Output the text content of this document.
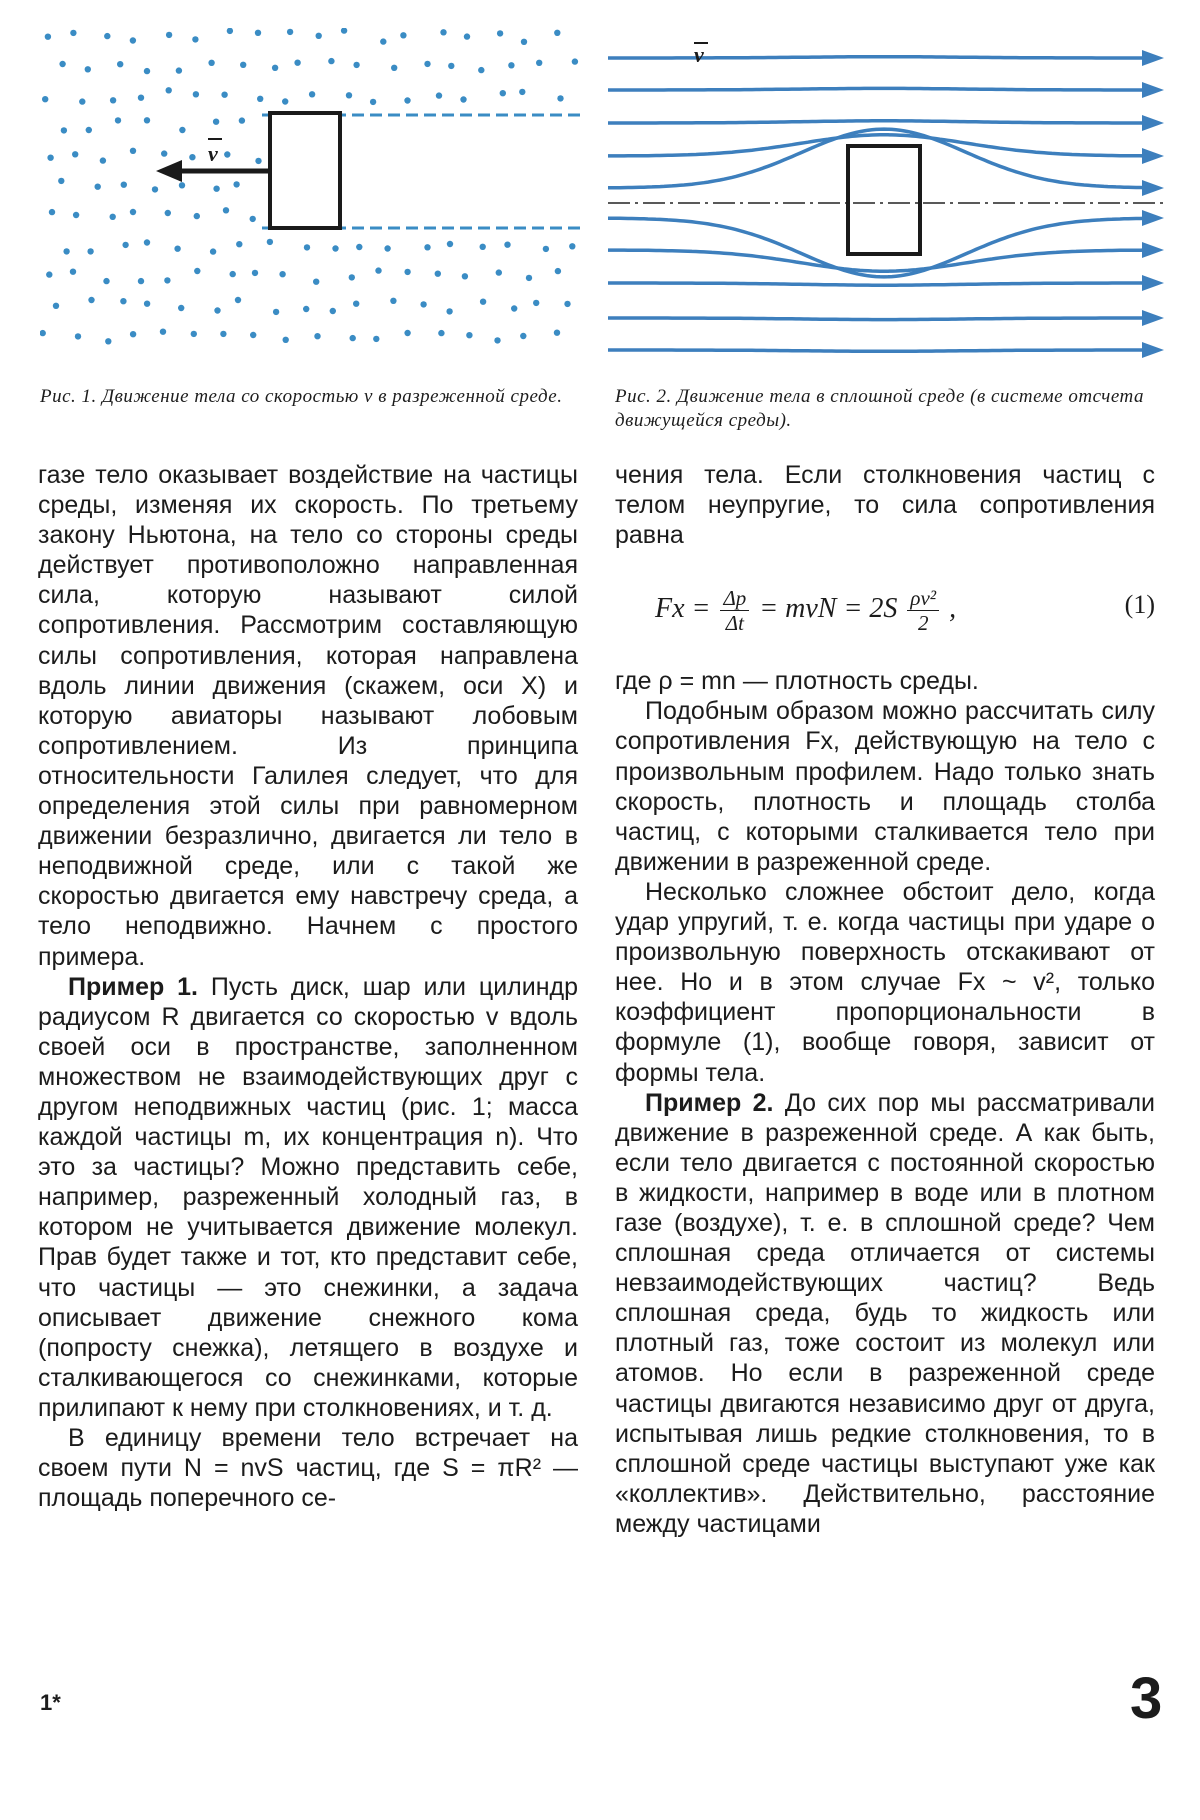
v
v
Рис. 1. Движение тела со скоростью v в разреженной среде.	Рис. 2. Движение тела в сплошной среде (в системе отсчета движущейся среды).

газе тело оказывает воздействие на частицы среды, изменяя их скорость. По третьему закону Ньютона, на тело со стороны среды действует противоположно направленная сила, которую называют силой сопротивления. Рассмотрим составляющую силы сопротивления, которая направлена вдоль линии движения (скажем, оси X) и которую авиаторы называют лобовым сопротивлением. Из принципа относительности Галилея следует, что для определения этой силы при равномерном движении безразлично, двигается ли тело в неподвижной среде, или с такой же скоростью двигается ему навстречу среда, а тело неподвижно. Начнем с простого примера.

Пример 1. Пусть диск, шар или цилиндр радиусом R двигается со скоростью v вдоль своей оси в пространстве, заполненном множеством не взаимодействующих друг с другом неподвижных частиц (рис. 1; масса каждой частицы m, их концентрация n). Что это за частицы? Можно представить себе, например, разреженный холодный газ, в котором не учитывается движение молекул. Прав будет также и тот, кто представит себе, что частицы — это снежинки, а задача описывает движение снежного кома (попросту снежка), летящего в воздухе и сталкивающегося со снежинками, которые прилипают к нему при столкновениях, и т. д.

В единицу времени тело встречает на своем пути N = nvS частиц, где S = πR² — площадь поперечного се-

чения тела. Если столкновения частиц с телом неупругие, то сила сопротивления равна

$Fx = \frac{\Delta p}{\Delta t}$ = mvN = $2S \frac{\text{ρv²}}{2}$ ,	(1)

где ρ = mn — плотность среды.

Подобным образом можно рассчитать силу сопротивления Fx, действующую на тело с произвольным профилем. Надо только знать скорость, плотность и площадь столба частиц, с которыми сталкивается тело при движении в разреженной среде.

Несколько сложнее обстоит дело, когда удар упругий, т. е. когда частицы при ударе о произвольную поверхность отскакивают от нее. Но и в этом случае Fx ~ v², только коэффициент пропорциональности в формуле (1), вообще говоря, зависит от формы тела.

Пример 2. До сих пор мы рассматривали движение в разреженной среде. А как быть, если тело двигается с постоянной скоростью в жидкости, например в воде или в плотном газе (воздухе), т. е. в сплошной среде? Чем сплошная среда отличается от системы невзаимодействующих частиц? Ведь сплошная среда, будь то жидкость или плотный газ, тоже состоит из молекул или атомов. Но если в разреженной среде частицы двигаются независимо друг от друга, испытывая лишь редкие столкновения, то в сплошной среде частицы выступают уже как «коллектив». Действительно, расстояние между частицами

1*	3
